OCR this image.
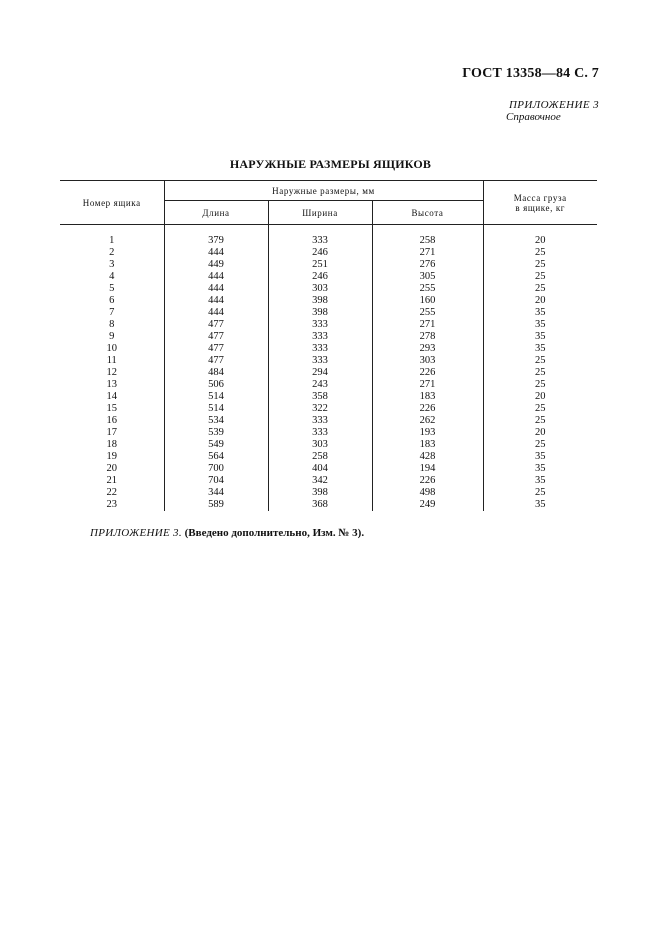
ГОСТ 13358—84 С. 7
ПРИЛОЖЕНИЕ 3
Справочное
НАРУЖНЫЕ РАЗМЕРЫ ЯЩИКОВ
Номер ящика	Наружные размеры, мм			Масса груза
в ящике, кг
	Длина	Ширина	Высота	

1	379	333	258	20
2	444	246	271	25
3	449	251	276	25
4	444	246	305	25
5	444	303	255	25
6	444	398	160	20
7	444	398	255	35
8	477	333	271	35
9	477	333	278	35
10	477	333	293	35
11	477	333	303	25
12	484	294	226	25
13	506	243	271	25
14	514	358	183	20
15	514	322	226	25
16	534	333	262	25
17	539	333	193	20
18	549	303	183	25
19	564	258	428	35
20	700	404	194	35
21	704	342	226	35
22	344	398	498	25
23	589	368	249	35
ПРИЛОЖЕНИЕ 3. (Введено дополнительно, Изм. № 3).
